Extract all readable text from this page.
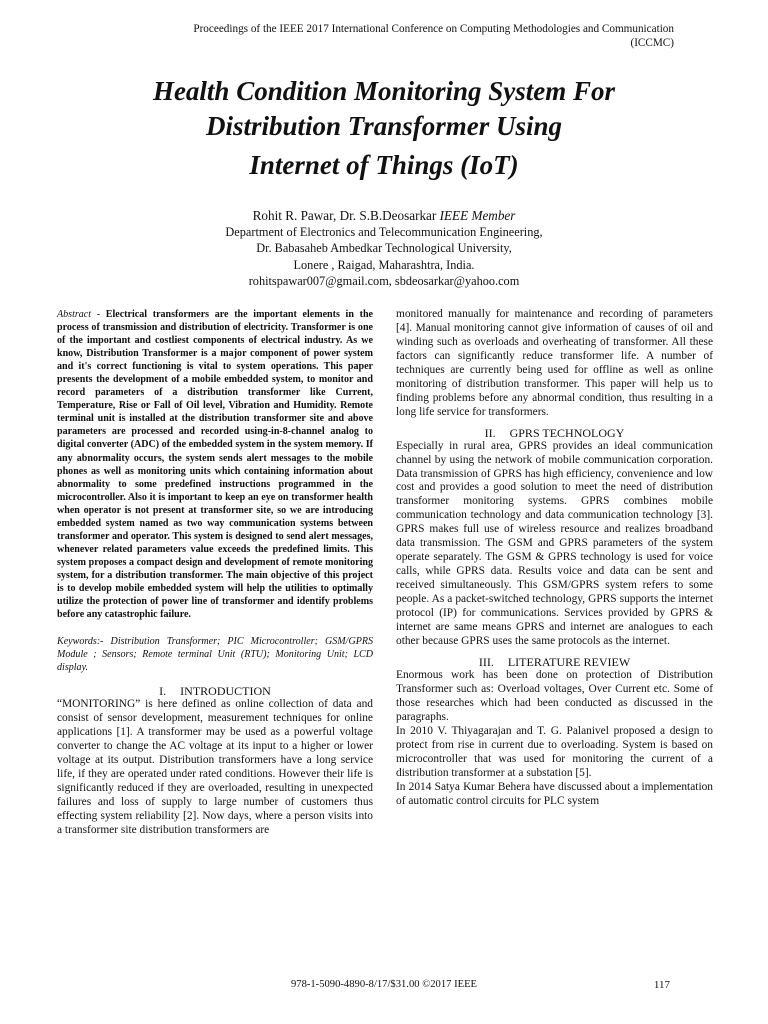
Proceedings of the IEEE 2017 International Conference on Computing Methodologies and Communication
(ICCMC)
Health Condition Monitoring System For
Distribution Transformer Using
Internet of Things (IoT)
Rohit R. Pawar, Dr. S.B.Deosarkar IEEE Member
Department of Electronics and Telecommunication Engineering,
Dr. Babasaheb Ambedkar Technological University,
Lonere , Raigad, Maharashtra, India.
rohitspawar007@gmail.com, sbdeosarkar@yahoo.com

Abstract - Electrical transformers are the important elements in the process of transmission and distribution of electricity. Transformer is one of the important and costliest components of electrical industry. As we know, Distribution Transformer is a major component of power system and it's correct functioning is vital to system operations. This paper presents the development of a mobile embedded system, to monitor and record parameters of a distribution transformer like Current, Temperature, Rise or Fall of Oil level, Vibration and Humidity. Remote terminal unit is installed at the distribution transformer site and above parameters are processed and recorded using-in-8-channel analog to digital converter (ADC) of the embedded system in the system memory. If any abnormality occurs, the system sends alert messages to the mobile phones as well as monitoring units which containing information about abnormality to some predefined instructions programmed in the microcontroller. Also it is important to keep an eye on transformer health when operator is not present at transformer site, so we are introducing embedded system named as two way communication systems between transformer and operator. This system is designed to send alert messages, whenever related parameters value exceeds the predefined limits. This system proposes a compact design and development of remote monitoring system, for a distribution transformer. The main objective of this project is to develop mobile embedded system will help the utilities to optimally utilize the protection of power line of transformer and identify problems before any catastrophic failure.

Keywords:- Distribution Transformer; PIC Microcontroller; GSM/GPRS Module ; Sensors; Remote terminal Unit (RTU); Monitoring Unit; LCD display.

I. INTRODUCTION

“MONITORING” is here defined as online collection of data and consist of sensor development, measurement techniques for online applications [1]. A transformer may be used as a powerful voltage converter to change the AC voltage at its input to a higher or lower voltage at its output. Distribution transformers have a long service life, if they are operated under rated conditions. However their life is significantly reduced if they are overloaded, resulting in unexpected failures and loss of supply to large number of customers thus effecting system reliability [2]. Now days, where a person visits into a transformer site distribution transformers are

monitored manually for maintenance and recording of parameters [4]. Manual monitoring cannot give information of causes of oil and winding such as overloads and overheating of transformer. All these factors can significantly reduce transformer life. A number of techniques are currently being used for offline as well as online monitoring of distribution transformer. This paper will help us to finding problems before any abnormal condition, thus resulting in a long life service for transformers.

II. GPRS TECHNOLOGY

Especially in rural area, GPRS provides an ideal communication channel by using the network of mobile communication corporation. Data transmission of GPRS has high efficiency, convenience and low cost and provides a good solution to meet the need of distribution transformer monitoring systems. GPRS combines mobile communication technology and data communication technology [3]. GPRS makes full use of wireless resource and realizes broadband data transmission. The GSM and GPRS parameters of the system operate separately. The GSM & GPRS technology is used for voice calls, while GPRS data. Results voice and data can be sent and received simultaneously. This GSM/GPRS system refers to some people. As a packet-switched technology, GPRS supports the internet protocol (IP) for communications. Services provided by GPRS & internet are same means GPRS and internet are analogues to each other because GPRS uses the same protocols as the internet.

III. LITERATURE REVIEW

Enormous work has been done on protection of Distribution Transformer such as: Overload voltages, Over Current etc. Some of those researches which had been conducted as discussed in the paragraphs.

In 2010 V. Thiyagarajan and T. G. Palanivel proposed a design to protect from rise in current due to overloading. System is based on microcontroller that was used for monitoring the current of a distribution transformer at a substation [5].

In 2014 Satya Kumar Behera have discussed about a implementation of automatic control circuits for PLC system

978-1-5090-4890-8/17/$31.00 ©2017 IEEE	117
